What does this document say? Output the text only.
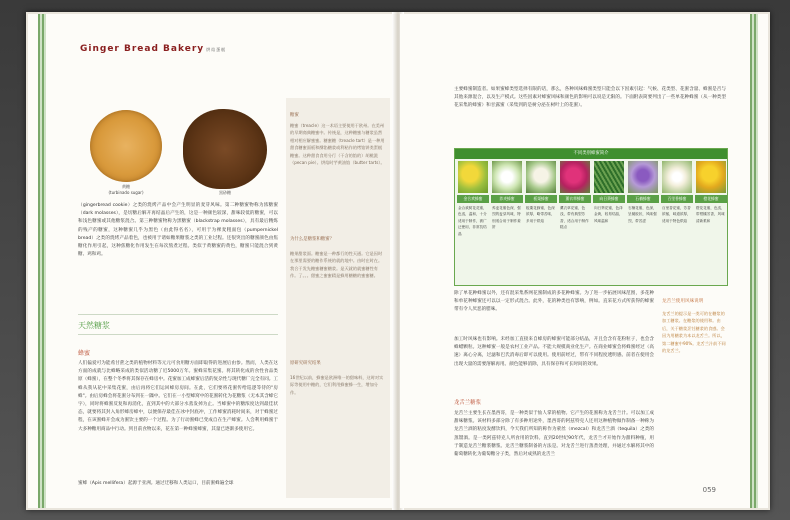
Ginger Bread Bakery 烘焙蛋糕
黄糖
(turbinado sugar)	黑砂糖
（gingerbread cookie）之类的烧烤产品中会产生明显的麦芽风味。第二种糖蜜物称为浓糖蜜（dark molasses），是切糖后解开再结晶后产生的，这是一种颜色较深，甜味较低的糖蜜，可以和浅色糖蜜或其他糖浆混合。第三种糖蜜物称为黑糖蜜（blackstrap molasses），具有最后精炼的残产的糖蜜，这种糖蜜几乎为黑色（由此得名名），可用于为裸麦粗面包（pumpernickel bread）之类的烧烤产品着色，也被用于诸如糖果糖浆之类的工业过程。还很突出的糖蜜颜色由焦糖化作用引起，这种焦糖化作用发生在每次熬煮过程。类似于黄糖蜜的黄色，糖蜜只能混合到黄糖、鸡和鸡。
天然糖浆
蜂蜜
人们偏爱可为能希甘蔗之类的植物材料等元元可食用糖方面即取得的进展后由参。然而，人类在这方面的成就与比蜂略采成的类似活动糖了近5000万年。蜜蜂采集花蜜。将其转化成的食性食品类原（蜂蜜），在整个冬季将其保存在蜂房中。花蜜加工成蜂蜜后活的复杂性与现代糖厂完全有同。工蜂从我从花中采集花蜜，由后再将它们运回蜂房房间。在此，它们要将花蜜传给巡逻等待的"房蜂"。由后房蜂会将花蜜分布到在一隅中。它们在一小型蜂窝中的花蜜转化为花糖浆（无本其含蜂它字），同时将蜂蜜反复和再消化，直到其中的大部分水蒸发掉为止。当蜂蜜中的糖浓度达到最佳状态，就要将其封入角形蜂房蜂中，以便保存最佳在冰中封底冲，工作蜂蜜消耗时间来，对于蜂蜜过程，在该蜜蜂开会成为蜜饮主要的一个过程。为了行动蜜蜂已变成自在生产蜂蜜。人会利用蜂蜜于大多种糖用商品中行动。到目前食物以来，花在第一种蜂蜜蜂蜜，其量已逐渐多使用它。
蜜蜂（Apis mellifera）起源于亚洲。通过迁移和人类运口，目前蜜蜂遍全球
糖蜜
糖蜜（treacle）这一术语主要使用于欧州。在美州的早期商典糖蜜中。传统是，这种糖蜜与糖浆虽然相对相应解蜜蜜。糖蜜糖（treacle tart）是一种用甜食糖蜜面板和酥馅糖浆或利粘作的烤馅饼类蛋糕糖蜜。这种甜食食用分行（干含的馅的）胡桃派（pecan pie）。烘焙时芋黄油馅（butter tarts）。
为什么是糖浆和糖蜜？
糖果甜浆面。糖蜜是一种都行的性天通。它是因时在那里需要的糖作系统的就的地中。由时在时在。我合于发先糖蜜糖蜜糖浆。是天就的就蜜糖性有作。了。。。甜蜜之蜜蜜精是蜂用糖糖的蜜蜜糖。
原研究研究结果
16世纪以前，蜂蜜是欧洲唯一的甜味料，这时对实际等使用中糖的，它们利用蜂蜜蜂一生，增加分作。
主要蜂蜜制造者。如果蜜蜂类型选择有限的话，那么，各种风味蜂蜜类型只能会以下因素引起：气候、花类型、花蜜含量、蜂蜜是否与其他来源混合，以及生产模式。这些因素对蜂蜜风味和颜色的影响可以说是无限的。下面附表简要列出了一些单花种蜂蜜（从一种类型花采集的蜂蜜）和甘露蜜（采集到的是树分泌在树叶上的花蜜）。
不同类别蜂蜜简介
金合欢蜂蜜
金合欢树花花蜜，色浅，温和，十分适用于制作，被广泛使用，非常抗结晶
荞麦蜂蜜
荞麦花蜜色深，强烈的麦芽风味，特别适合用于制作姜饼
板栗蜂蜜
板栗花蜂蜜，色深浓厚，略带苦味，多用于烘焙
薰衣草蜂蜜
薰衣草花蜜，色浅，带有典型芳香，适合用于制作糕点
向日葵蜂蜜
向日葵花蜜，色泽金黄，较易结晶，风味温和
石楠蜂蜜
石楠花蜜，色深，呈凝胶状，风味强烈，带苦涩
百里香蜂蜜
百里香花蜜，芳香浓郁，味道浓厚，适用于特色烘焙
橙花蜂蜜
橙花花蜜，色浅，带柑橘芳香，风味清新柔和
除了单花种蜂蜜以外，还有混采集系网花蜜制成的多花种蜂蜜。为了进一步拓展风味范围，多花种和单花种蜂蜜还可以以一定形式混合。此外，花的种类也有影响，例如。直采花方式所获得的蜂蜜带有令人厌恶的腊味。
加工时风味也有影响。未经加工直接来自蜂房的蜂蜜可能部分结晶，开且会含有花粉粒子，也会含蜂蜡颗粒。这种蜂蜜一般是农村工业产品。不能大规模商业化生产。在商业蜂蜜会将蜂蜜经过（高速）离心分离，过滤和巴氏消毒后即可以使用。使用前经过，带有不同程度透明感。前者在使用会出现大量的需要溶解再用。颜色能够消除，具有保存和可长时间的效果。
龙舌兰糖浆
龙舌兰主要生长在墨西哥，是一种类似于仙人掌的植物。它产生的花蜜称为龙舌兰汁。可以加工成甜味糖浆。该材料多部分除了有多种用途外，墨西哥的阿兹特克人还用这种植物做作制备一种称为龙舌兰酒的粘度发酵饮料，今天我们所知的称作为蒙丝（mezcal）和龙舌兰酒（tequila）之类的蒸馏酒。是一类阿兹特克人所食用的饮料。直到20世纪90年代，龙舌兰才开始作为甜料种植，用于制造龙舌兰糖浆糖浆。龙舌兰糖浆制备的方法是。对龙舌兰进行蒸煮处理，并通过水解将其中的葡萄糖转化为葡萄糖分子类，然后对成熟的龙舌兰
龙舌兰使用风味说明
龙舌兰的提示是一类可的在糖浆的加工糖浆。在糖浆的使用和。由后，关于糖浆烹饪糖浆的食感。会因为用糖浆为本以龙舌兰。所以，第二糖蜜中90%。龙舌兰汁前不同的龙舌兰。
059
